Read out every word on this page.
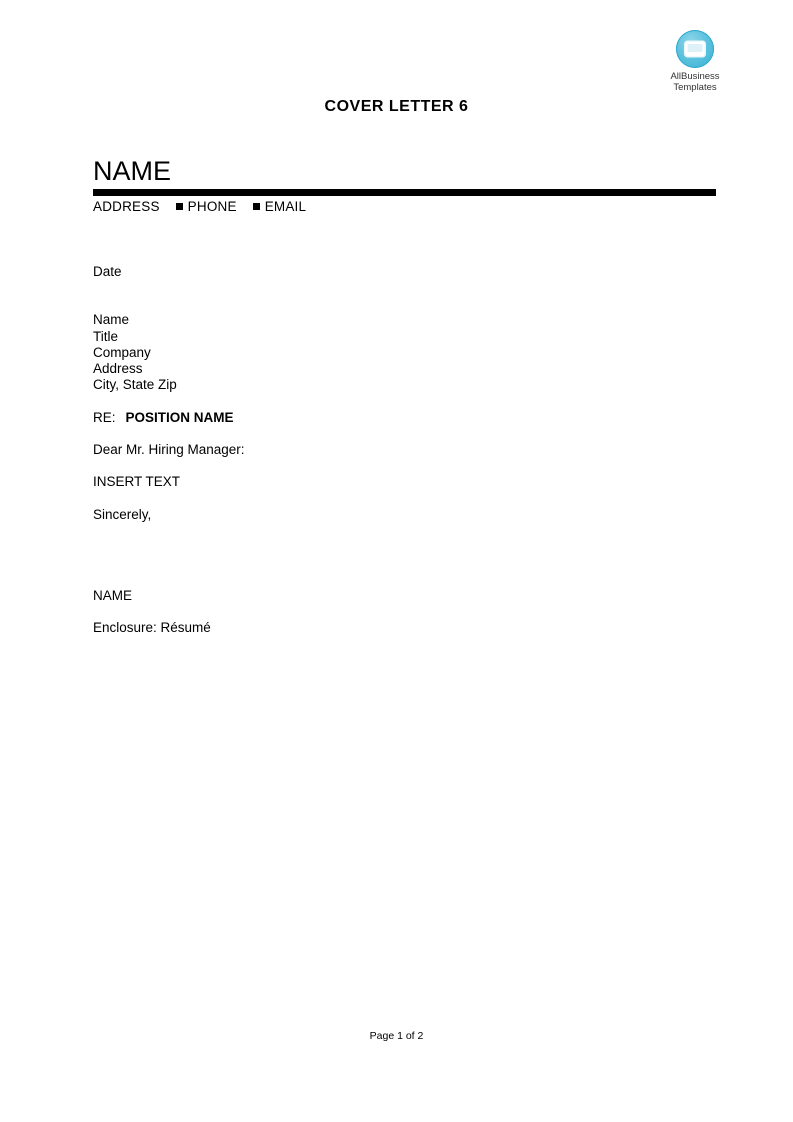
AllBusiness
Templates
COVER LETTER 6
NAME
ADDRESS PHONE EMAIL
Date
Name
Title
Company
Address
City, State Zip
RE: POSITION NAME
Dear Mr. Hiring Manager:
INSERT TEXT
Sincerely,
NAME
Enclosure: Résumé
Page 1 of 2
